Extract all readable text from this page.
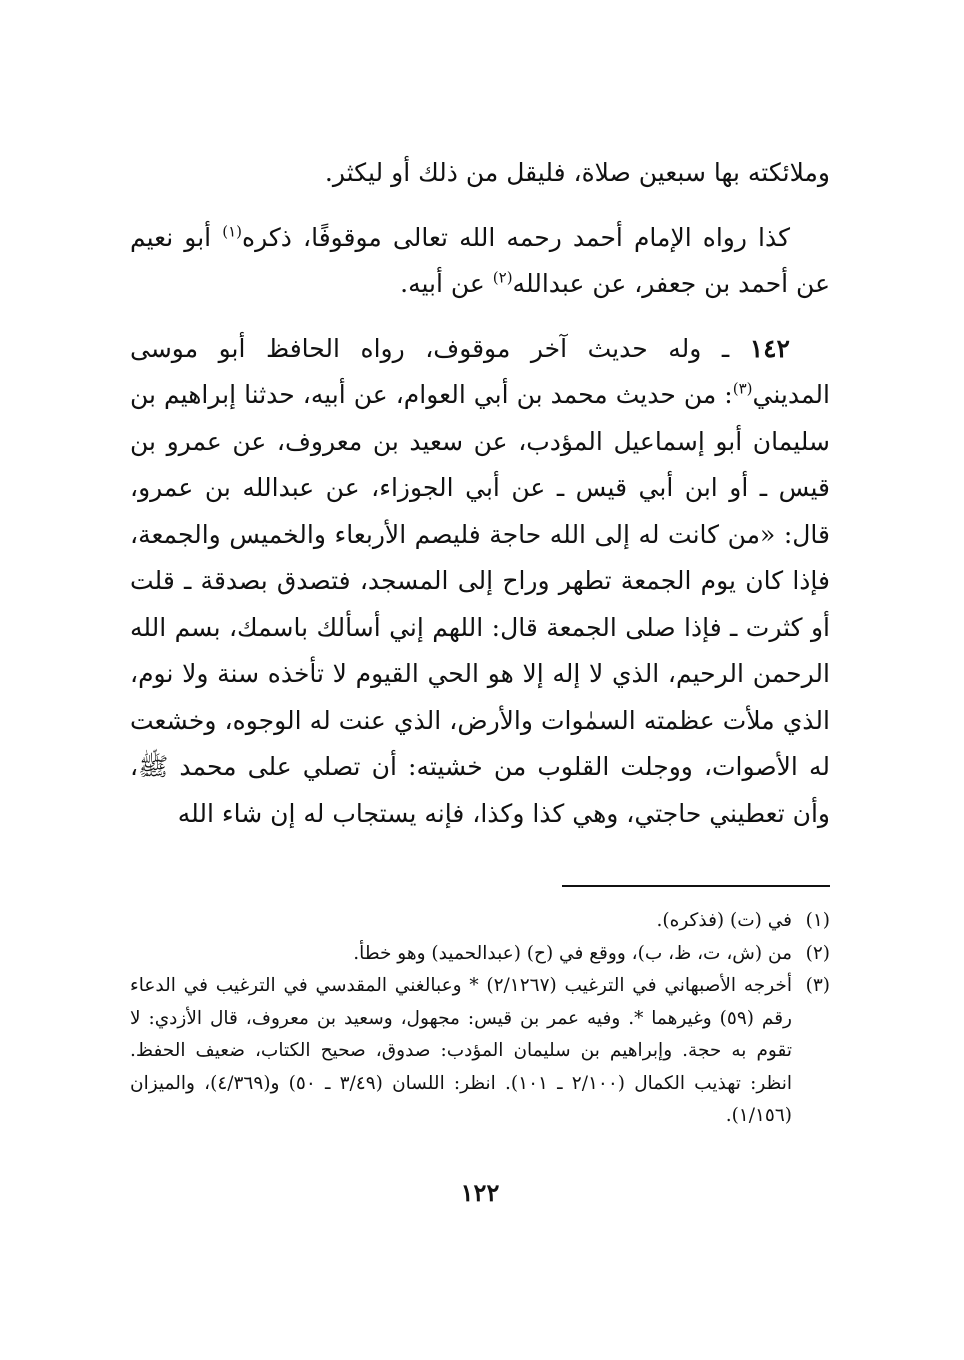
وملائكته بها سبعين صلاة، فليقل من ذلك أو ليكثر.

كذا رواه الإمام أحمد رحمه الله تعالى موقوفًا، ذكره$^{(١)}$ أبو نعيم عن أحمد بن جعفر، عن عبدالله$^{(٢)}$ عن أبيه.

١٤٢ ـ وله حديث آخر موقوف، رواه الحافظ أبو موسى المديني$^{(٣)}$: من حديث محمد بن أبي العوام، عن أبيه، حدثنا إبراهيم بن سليمان أبو إسماعيل المؤدب، عن سعيد بن معروف، عن عمرو بن قيس ـ أو ابن أبي قيس ـ عن أبي الجوزاء، عن عبدالله بن عمرو، قال: «من كانت له إلى الله حاجة فليصم الأربعاء والخميس والجمعة، فإذا كان يوم الجمعة تطهر وراح إلى المسجد، فتصدق بصدقة ـ قلت أو كثرت ـ فإذا صلى الجمعة قال: اللهم إني أسألك باسمك، بسم الله الرحمن الرحيم، الذي لا إله إلا هو الحي القيوم لا تأخذه سنة ولا نوم، الذي ملأت عظمته السمٰوات والأرض، الذي عنت له الوجوه، وخشعت له الأصوات، ووجلت القلوب من خشيته: أن تصلي على محمد ﷺ، وأن تعطيني حاجتي، وهي كذا وكذا، فإنه يستجاب له إن شاء الله

(١)
في (ت) (فذكره).
(٢)
من (ش، ت، ظ، ب)، ووقع في (ح) (عبدالحميد) وهو خطأ.
(٣)
أخرجه الأصبهاني في الترغيب (٢/١٢٦٧) * وعبالغني المقدسي في الترغيب في الدعاء رقم (٥٩) وغيرهما *. وفيه عمر بن قيس: مجهول، وسعيد بن معروف، قال الأزدي: لا تقوم به حجة. وإبراهيم بن سليمان المؤدب: صدوق، صحيح الكتاب، ضعيف الحفظ. انظر: تهذيب الكمال (٢/١٠٠ ـ ١٠١). انظر: اللسان (٣/٤٩ ـ ٥٠) و(٤/٣٦٩)، والميزان (١/١٥٦).
١٢٢
